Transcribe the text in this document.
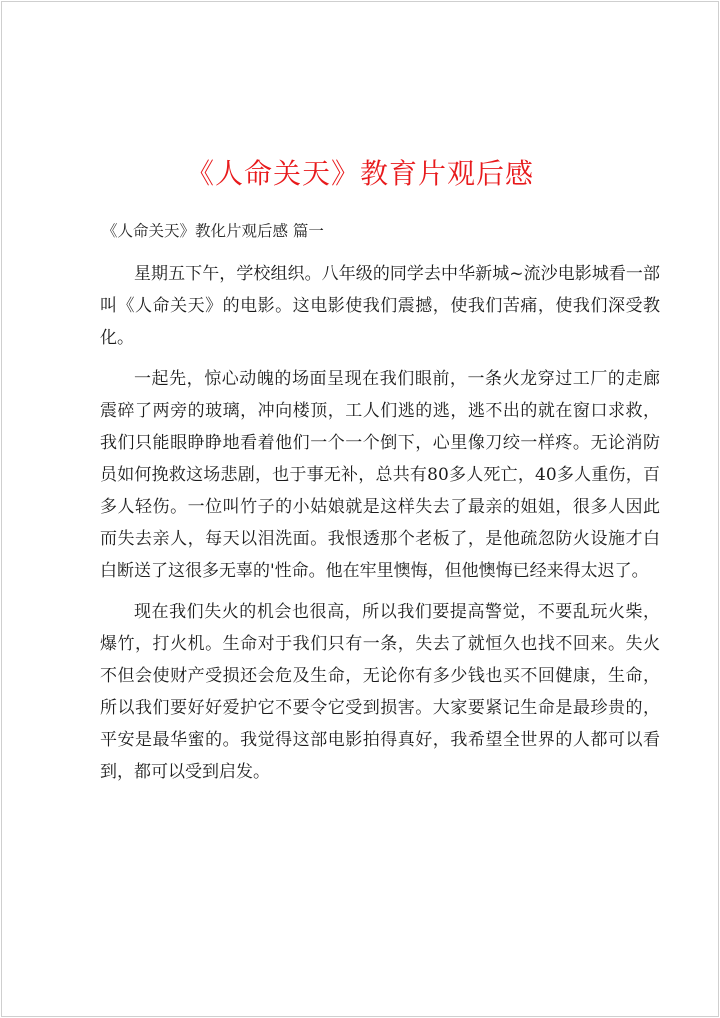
《人命关天》教育片观后感
《人命关天》教化片观后感 篇一

星期五下午，学校组织。八年级的同学去中华新城~流沙电影城看一部叫《人命关天》的电影。这电影使我们震撼，使我们苦痛，使我们深受教化。

一起先，惊心动魄的场面呈现在我们眼前，一条火龙穿过工厂的走廊震碎了两旁的玻璃，冲向楼顶，工人们逃的逃，逃不出的就在窗口求救，我们只能眼睁睁地看着他们一个一个倒下，心里像刀绞一样疼。无论消防员如何挽救这场悲剧，也于事无补，总共有80多人死亡，40多人重伤，百多人轻伤。一位叫竹子的小姑娘就是这样失去了最亲的姐姐，很多人因此而失去亲人，每天以泪洗面。我恨透那个老板了，是他疏忽防火设施才白白断送了这很多无辜的'性命。他在牢里懊悔，但他懊悔已经来得太迟了。

现在我们失火的机会也很高，所以我们要提高警觉，不要乱玩火柴，爆竹，打火机。生命对于我们只有一条，失去了就恒久也找不回来。失火不但会使财产受损还会危及生命，无论你有多少钱也买不回健康，生命，所以我们要好好爱护它不要令它受到损害。大家要紧记生命是最珍贵的，平安是最华蜜的。我觉得这部电影拍得真好，我希望全世界的人都可以看到，都可以受到启发。
